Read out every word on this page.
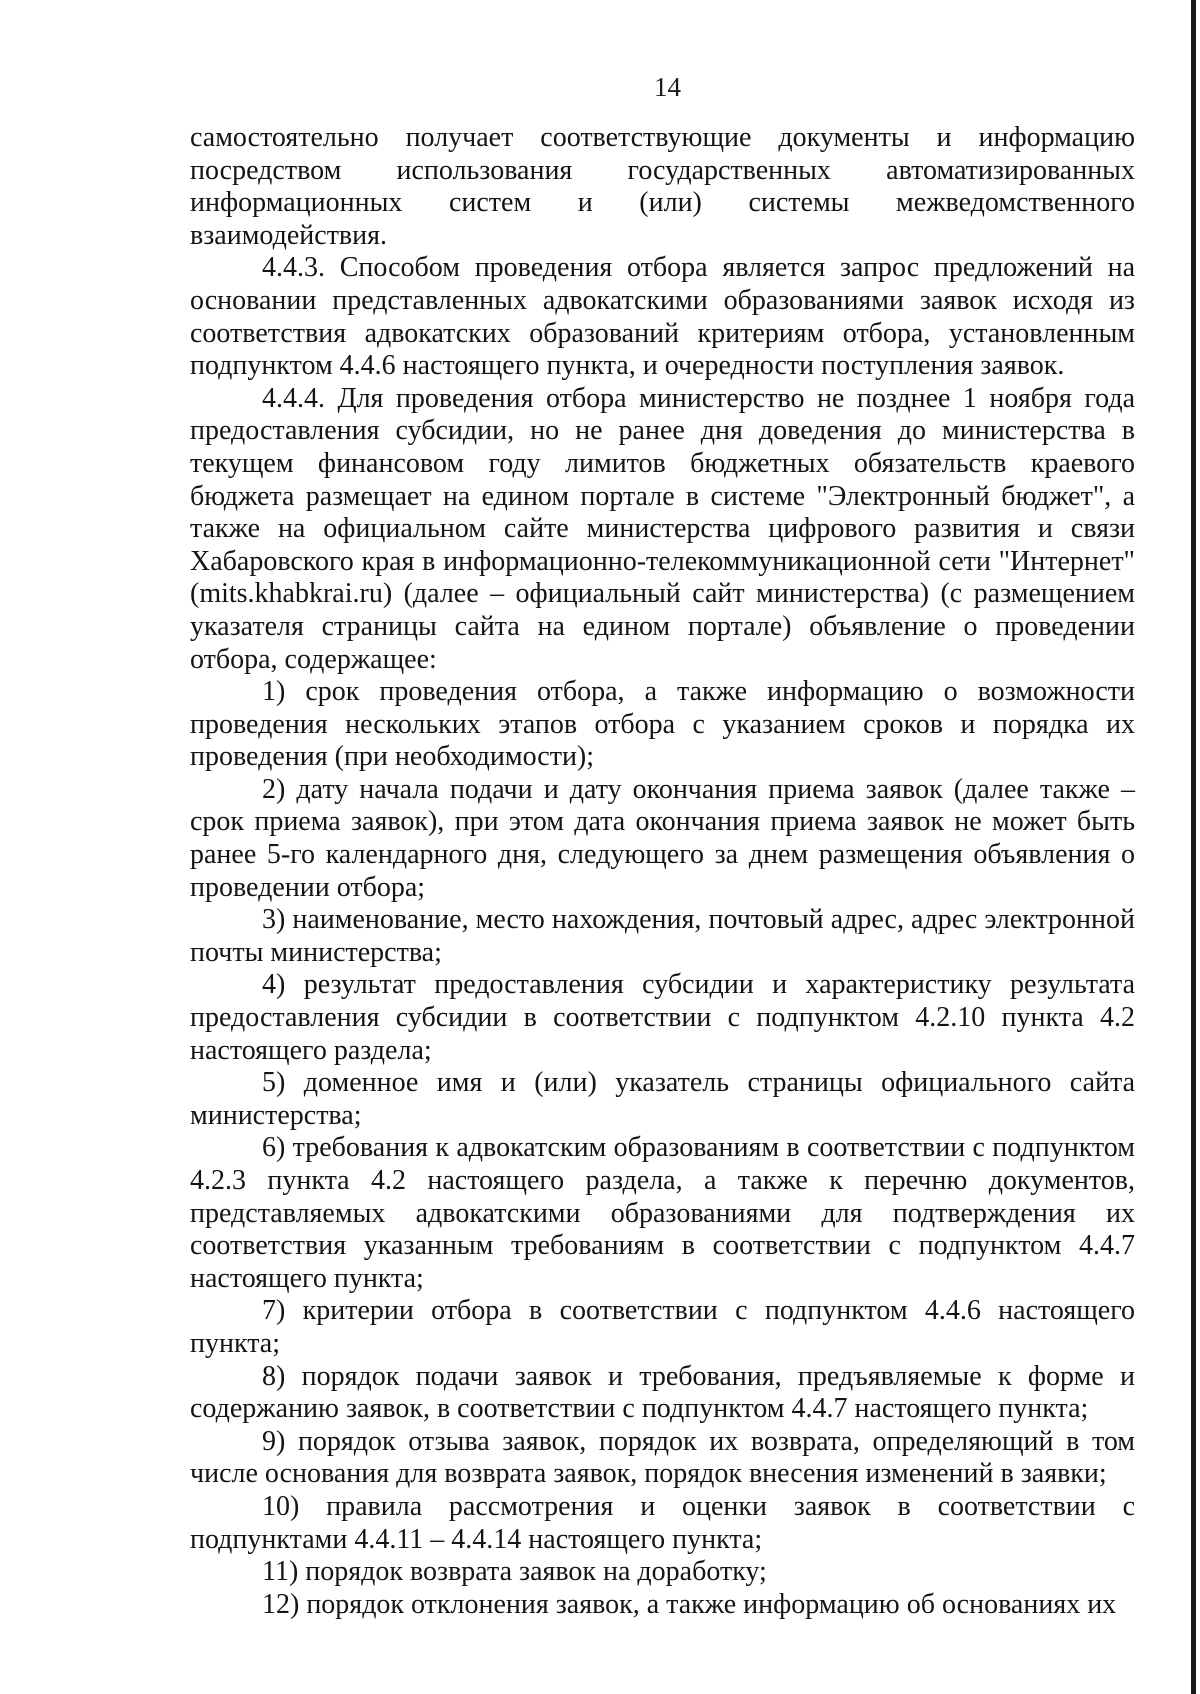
14

самостоятельно получает соответствующие документы и информацию посредством использования государственных автоматизированных информационных систем и (или) системы межведомственного взаимодействия.

4.4.3. Способом проведения отбора является запрос предложений на основании представленных адвокатскими образованиями заявок исходя из соответствия адвокатских образований критериям отбора, установленным подпунктом 4.4.6 настоящего пункта, и очередности поступления заявок.

4.4.4. Для проведения отбора министерство не позднее 1 ноября года предоставления субсидии, но не ранее дня доведения до министерства в текущем финансовом году лимитов бюджетных обязательств краевого бюджета размещает на едином портале в системе "Электронный бюджет", а также на официальном сайте министерства цифрового развития и связи Хабаровского края в информационно-телекоммуникационной сети "Интернет" (mits.khabkrai.ru) (далее – официальный сайт министерства) (с размещением указателя страницы сайта на едином портале) объявление о проведении отбора, содержащее:

1) срок проведения отбора, а также информацию о возможности проведения нескольких этапов отбора с указанием сроков и порядка их проведения (при необходимости);

2) дату начала подачи и дату окончания приема заявок (далее также – срок приема заявок), при этом дата окончания приема заявок не может быть ранее 5-го календарного дня, следующего за днем размещения объявления о проведении отбора;

3) наименование, место нахождения, почтовый адрес, адрес электронной почты министерства;

4) результат предоставления субсидии и характеристику результата предоставления субсидии в соответствии с подпунктом 4.2.10 пункта 4.2 настоящего раздела;

5) доменное имя и (или) указатель страницы официального сайта министерства;

6) требования к адвокатским образованиям в соответствии с подпунктом 4.2.3 пункта 4.2 настоящего раздела, а также к перечню документов, представляемых адвокатскими образованиями для подтверждения их соответствия указанным требованиям в соответствии с подпунктом 4.4.7 настоящего пункта;

7) критерии отбора в соответствии с подпунктом 4.4.6 настоящего пункта;

8) порядок подачи заявок и требования, предъявляемые к форме и содержанию заявок, в соответствии с подпунктом 4.4.7 настоящего пункта;

9) порядок отзыва заявок, порядок их возврата, определяющий в том числе основания для возврата заявок, порядок внесения изменений в заявки;

10) правила рассмотрения и оценки заявок в соответствии с подпунктами 4.4.11 – 4.4.14 настоящего пункта;

11) порядок возврата заявок на доработку;

12) порядок отклонения заявок, а также информацию об основаниях их
